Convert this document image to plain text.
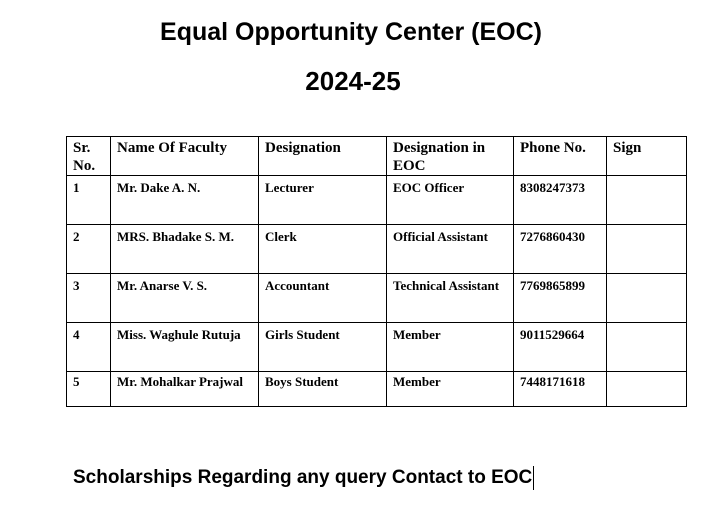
Equal Opportunity Center (EOC)
2024-25
Sr. No.	Name Of Faculty	Designation	Designation in EOC	Phone No.	Sign
1	Mr. Dake A. N.	Lecturer	EOC Officer	8308247373	
2	MRS. Bhadake S. M.	Clerk	Official Assistant	7276860430	
3	Mr. Anarse V. S.	Accountant	Technical Assistant	7769865899	
4	Miss. Waghule Rutuja	Girls Student	Member	9011529664	
5	Mr. Mohalkar Prajwal	Boys Student	Member	7448171618	

Scholarships Regarding any query Contact to EOC
